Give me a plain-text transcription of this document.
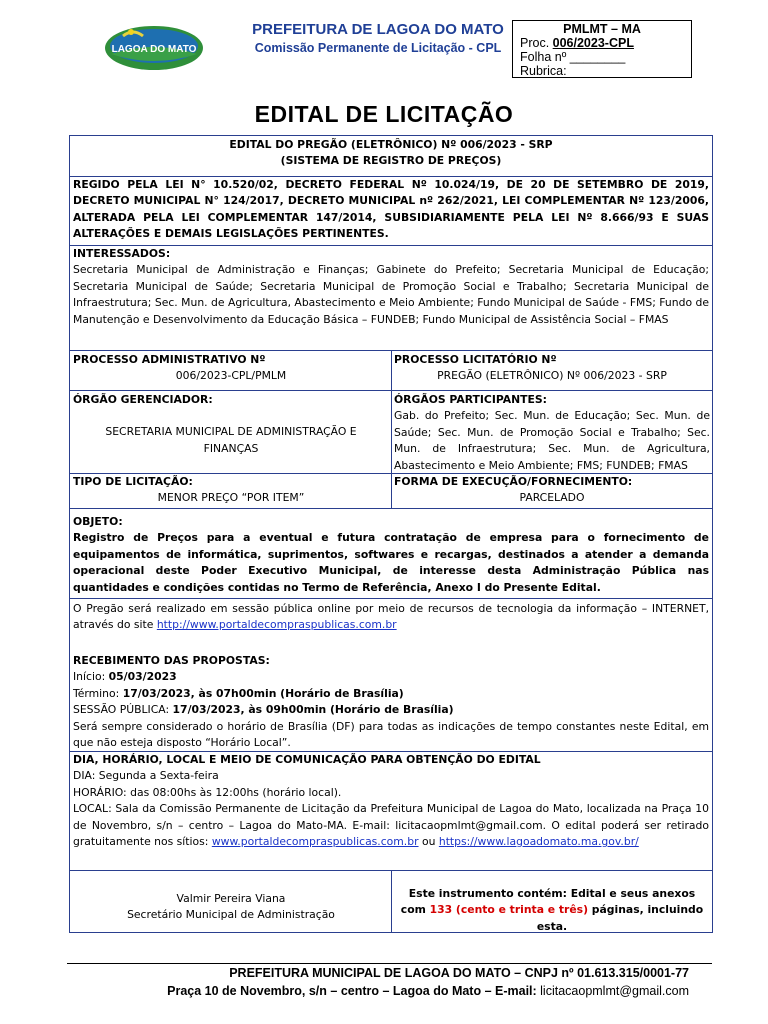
LAGOA DO MATO
PREFEITURA DE LAGOA DO MATO
Comissão Permanente de Licitação - CPL
PMLMT – MA
Proc. 006/2023-CPL
Folha nº ________
Rubrica:
EDITAL DE LICITAÇÃO
EDITAL DO PREGÃO (ELETRÔNICO) Nº 006/2023 - SRP
(SISTEMA DE REGISTRO DE PREÇOS)
REGIDO PELA LEI N° 10.520/02, DECRETO FEDERAL Nº 10.024/19, DE 20 DE SETEMBRO DE 2019, DECRETO MUNICIPAL N° 124/2017, DECRETO MUNICIPAL nº 262/2021, LEI COMPLEMENTAR Nº 123/2006, ALTERADA PELA LEI COMPLEMENTAR 147/2014, SUBSIDIARIAMENTE PELA LEI Nº 8.666/93 E SUAS ALTERAÇÕES E DEMAIS LEGISLAÇÕES PERTINENTES.
INTERESSADOS:
Secretaria Municipal de Administração e Finanças; Gabinete do Prefeito; Secretaria Municipal de Educação; Secretaria Municipal de Saúde; Secretaria Municipal de Promoção Social e Trabalho; Secretaria Municipal de Infraestrutura; Sec. Mun. de Agricultura, Abastecimento e Meio Ambiente; Fundo Municipal de Saúde - FMS; Fundo de Manutenção e Desenvolvimento da Educação Básica – FUNDEB; Fundo Municipal de Assistência Social – FMAS
PROCESSO ADMINISTRATIVO Nº
006/2023-CPL/PMLM
PROCESSO LICITATÓRIO Nº
PREGÃO (ELETRÔNICO) Nº 006/2023 - SRP
ÓRGÃO GERENCIADOR:
SECRETARIA MUNICIPAL DE ADMINISTRAÇÃO E FINANÇAS
ÓRGÃOS PARTICIPANTES:
Gab. do Prefeito; Sec. Mun. de Educação; Sec. Mun. de Saúde; Sec. Mun. de Promoção Social e Trabalho; Sec. Mun. de Infraestrutura; Sec. Mun. de Agricultura, Abastecimento e Meio Ambiente; FMS; FUNDEB; FMAS
TIPO DE LICITAÇÃO:
MENOR PREÇO “POR ITEM”
FORMA DE EXECUÇÃO/FORNECIMENTO:
PARCELADO
OBJETO:
Registro de Preços para a eventual e futura contratação de empresa para o fornecimento de equipamentos de informática, suprimentos, softwares e recargas, destinados a atender a demanda operacional deste Poder Executivo Municipal, de interesse desta Administração Pública nas quantidades e condições contidas no Termo de Referência, Anexo I do Presente Edital.
O Pregão será realizado em sessão pública online por meio de recursos de tecnologia da informação – INTERNET, através do site http://www.portaldecompraspublicas.com.br
RECEBIMENTO DAS PROPOSTAS:
Início: 05/03/2023
Término: 17/03/2023, às 07h00min (Horário de Brasília)
SESSÃO PÚBLICA: 17/03/2023, às 09h00min (Horário de Brasília)
Será sempre considerado o horário de Brasília (DF) para todas as indicações de tempo constantes neste Edital, em que não esteja disposto “Horário Local”.
DIA, HORÁRIO, LOCAL E MEIO DE COMUNICAÇÃO PARA OBTENÇÃO DO EDITAL
DIA: Segunda a Sexta-feira
HORÁRIO: das 08:00hs às 12:00hs (horário local).
LOCAL: Sala da Comissão Permanente de Licitação da Prefeitura Municipal de Lagoa do Mato, localizada na Praça 10 de Novembro, s/n – centro – Lagoa do Mato-MA. E-mail: licitacaopmlmt@gmail.com. O edital poderá ser retirado gratuitamente nos sítios: www.portaldecompraspublicas.com.br ou https://www.lagoadomato.ma.gov.br/
Valmir Pereira Viana
Secretário Municipal de Administração
Este instrumento contém: Edital e seus anexos com 133 (cento e trinta e três) páginas, incluindo esta.
PREFEITURA MUNICIPAL DE LAGOA DO MATO – CNPJ nº 01.613.315/0001-77
Praça 10 de Novembro, s/n – centro – Lagoa do Mato – E-mail: licitacaopmlmt@gmail.com
